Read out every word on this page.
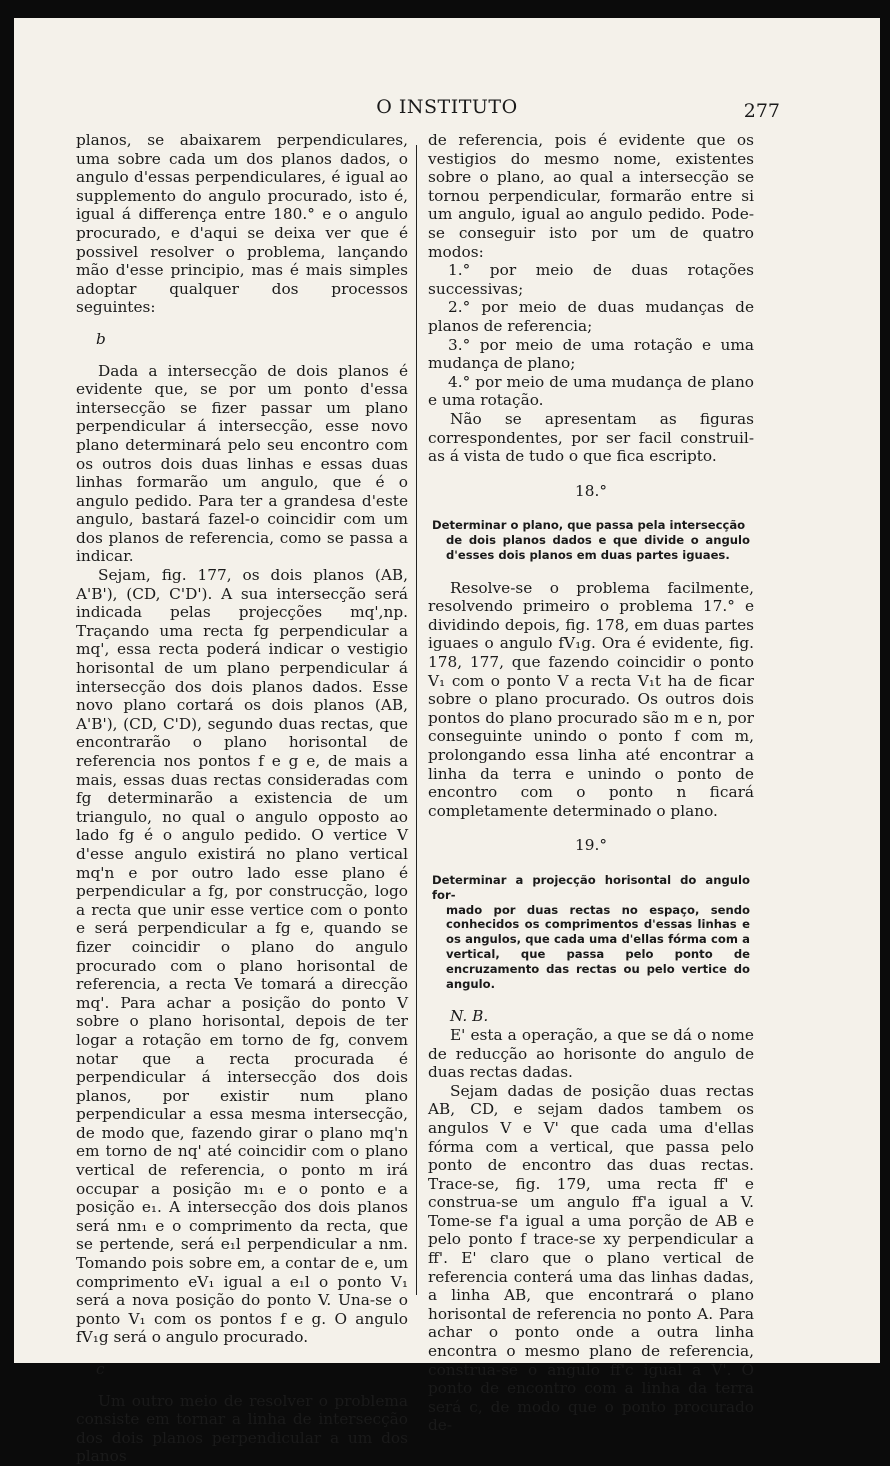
O INSTITUTO	277

planos, se abaixarem perpendiculares, uma sobre cada um dos planos dados, o angulo d'essas perpendiculares, é igual ao supplemento do angulo procurado, isto é, igual á differença entre 180.° e o angulo procurado, e d'aqui se deixa ver que é possivel resolver o problema, lançando mão d'esse principio, mas é mais simples adoptar qualquer dos processos seguintes:

b

Dada a intersecção de dois planos é evidente que, se por um ponto d'essa intersecção se fizer passar um plano perpendicular á intersecção, esse novo plano determinará pelo seu encontro com os outros dois duas linhas e essas duas linhas formarão um angulo, que é o angulo pedido. Para ter a grandesa d'este angulo, bastará fazel-o coincidir com um dos planos de referencia, como se passa a indicar.

Sejam, fig. 177, os dois planos (AB, A'B'), (CD, C'D'). A sua intersecção será indicada pelas projecções mq',np. Traçando uma recta fg perpendicular a mq', essa recta poderá indicar o vestigio horisontal de um plano perpendicular á intersecção dos dois planos dados. Esse novo plano cortará os dois planos (AB, A'B'), (CD, C'D), segundo duas rectas, que encontrarão o plano horisontal de referencia nos pontos f e g e, de mais a mais, essas duas rectas consideradas com fg determinarão a existencia de um triangulo, no qual o angulo opposto ao lado fg é o angulo pedido. O vertice V d'esse angulo existirá no plano vertical mq'n e por outro lado esse plano é perpendicular a fg, por construcção, logo a recta que unir esse vertice com o ponto e será perpendicular a fg e, quando se fizer coincidir o plano do angulo procurado com o plano horisontal de referencia, a recta Ve tomará a direcção mq'. Para achar a posição do ponto V sobre o plano horisontal, depois de ter logar a rotação em torno de fg, convem notar que a recta procurada é perpendicular á intersecção dos dois planos, por existir num plano perpendicular a essa mesma intersecção, de modo que, fazendo girar o plano mq'n em torno de nq' até coincidir com o plano vertical de referencia, o ponto m irá occupar a posição m₁ e o ponto e a posição e₁. A intersecção dos dois planos será nm₁ e o comprimento da recta, que se pertende, será e₁l perpendicular a nm. Tomando pois sobre em, a contar de e, um comprimento eV₁ igual a e₁l o ponto V₁ será a nova posição do ponto V. Una-se o ponto V₁ com os pontos f e g. O angulo fV₁g será o angulo procurado.

c

Um outro meio de resolver o problema consiste em tornar a linha de intersecção dos dois planos perpendicular a um dos planos

de referencia, pois é evidente que os vestigios do mesmo nome, existentes sobre o plano, ao qual a intersecção se tornou perpendicular, formarão entre si um angulo, igual ao angulo pedido. Pode-se conseguir isto por um de quatro modos:

1.° por meio de duas rotações successivas;
2.° por meio de duas mudanças de planos de referencia;
3.° por meio de uma rotação e uma mudança de plano;
4.° por meio de uma mudança de plano e uma rotação.

Não se apresentam as figuras correspondentes, por ser facil construil-as á vista de tudo o que fica escripto.

18.°

Determinar o plano, que passa pela intersecção
de dois planos dados e que divide o angulo d'esses dois planos em duas partes iguaes.

Resolve-se o problema facilmente, resolvendo primeiro o problema 17.° e dividindo depois, fig. 178, em duas partes iguaes o angulo fV₁g. Ora é evidente, fig. 178, 177, que fazendo coincidir o ponto V₁ com o ponto V a recta V₁t ha de ficar sobre o plano procurado. Os outros dois pontos do plano procurado são m e n, por conseguinte unindo o ponto f com m, prolongando essa linha até encontrar a linha da terra e unindo o ponto de encontro com o ponto n ficará completamente determinado o plano.

19.°

Determinar a projecção horisontal do angulo for-
mado por duas rectas no espaço, sendo conhecidos os comprimentos d'essas linhas e os angulos, que cada uma d'ellas fórma com a vertical, que passa pelo ponto de encruzamento das rectas ou pelo vertice do angulo.

N. B.

E' esta a operação, a que se dá o nome de reducção ao horisonte do angulo de duas rectas dadas.

Sejam dadas de posição duas rectas AB, CD, e sejam dados tambem os angulos V e V' que cada uma d'ellas fórma com a vertical, que passa pelo ponto de encontro das duas rectas. Trace-se, fig. 179, uma recta ff' e construa-se um angulo ff'a igual a V. Tome-se f'a igual a uma porção de AB e pelo ponto f trace-se xy perpendicular a ff'. E' claro que o plano vertical de referencia conterá uma das linhas dadas, a linha AB, que encontrará o plano horisontal de referencia no ponto A. Para achar o ponto onde a outra linha encontra o mesmo plano de referencia, construa-se o angulo ff'c igual a V'. O ponto de encontro com a linha da terra será c, de modo que o ponto procurado de-
